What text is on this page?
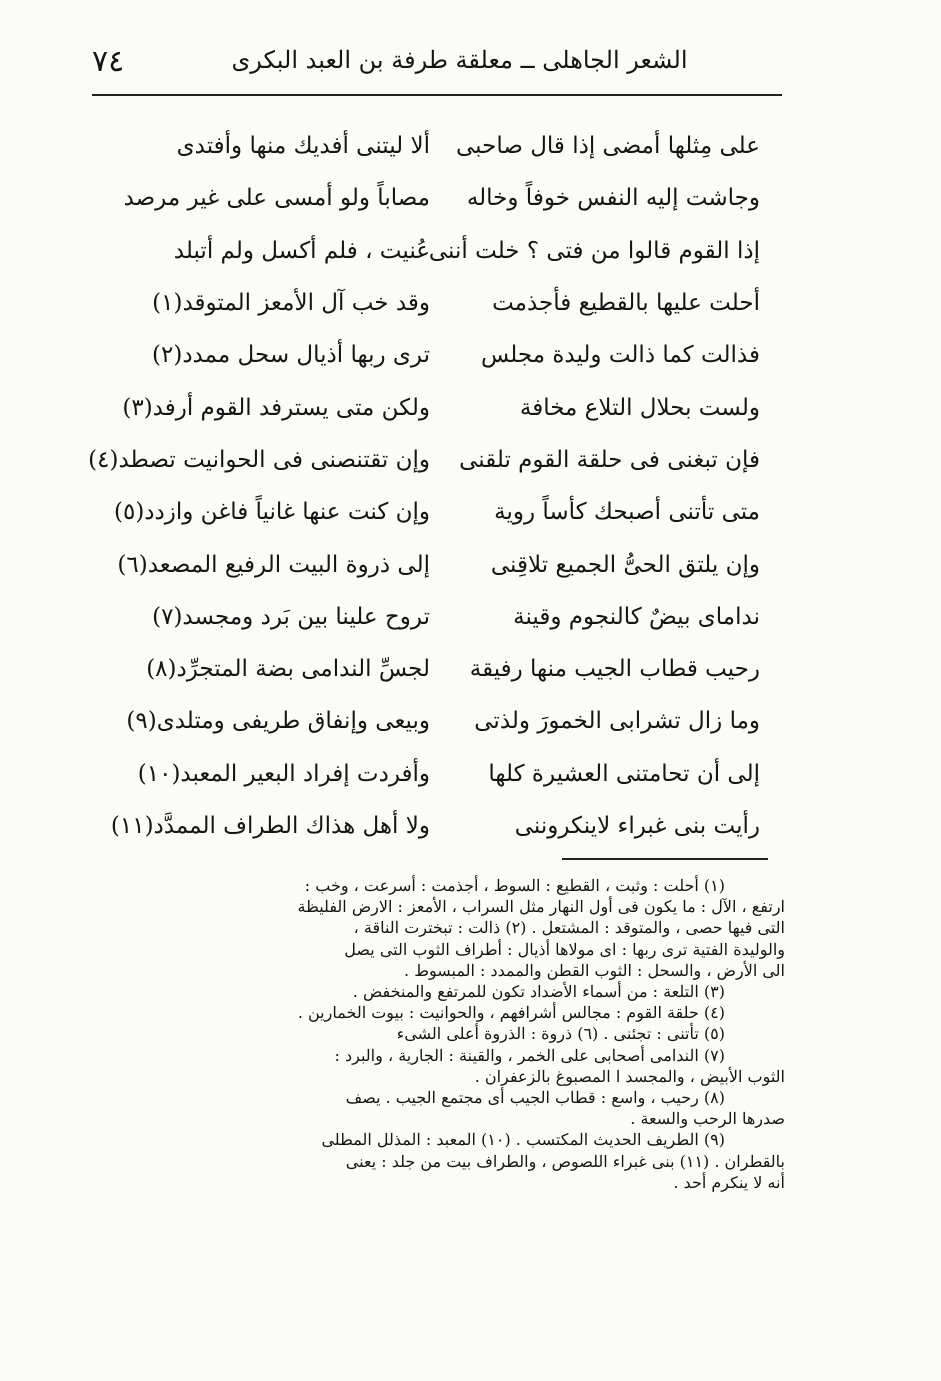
٧٤	الشعر الجاهلى ــ معلقة طرفة بن العبد البكرى
على مِثلها أمضى إذا قال صاحبى
ألا ليتنى أفديك منها وأفتدى
وجاشت إليه النفس خوفاً وخاله
مصاباً ولو أمسى على غير مرصد
إذا القوم قالوا من فتى ؟ خلت أننى
عُنيت ، فلم أكسل ولم أتبلد
أحلت عليها بالقطيع فأجذمت
وقد خب آل الأمعز المتوقد(١)
فذالت كما ذالت وليدة مجلس
ترى ربها أذيال سحل ممدد(٢)
ولست بحلال التلاع مخافة
ولكن متى يسترفد القوم أرفد(٣)
فإن تبغنى فى حلقة القوم تلقنى
وإن تقتنصنى فى الحوانيت تصطد(٤)
متى تأتنى أصبحك كأساً روية
وإن كنت عنها غانياً فاغن وازدد(٥)
وإن يلتق الحىُّ الجميع تلاقِنى
إلى ذروة البيت الرفيع المصعد(٦)
ندامای بيضٌ كالنجوم وقينة
تروح علينا بين بَرد ومجسد(٧)
رحيب قطاب الجيب منها رفيقة
لجسِّ الندامى بضة المتجرِّد(٨)
وما زال تشرابى الخمورَ ولذتى
وبيعى وإنفاق طريفى ومتلدى(٩)
إلى أن تحامتنى العشيرة كلها
وأفردت إفراد البعير المعبد(١٠)
رأيت بنى غبراء لاينكروننى
ولا أهل هذاك الطراف الممدَّد(١١)
(١) أحلت : وثبت ، القطيع : السوط ، أجذمت : أسرعت ، وخب :
ارتفع ، الآل : ما يكون فى أول النهار مثل السراب ، الأمعز : الارض الفليظة
التى فيها حصى ، والمتوقد : المشتعل . (٢) ذالت : تبخترت الناقة ،
والوليدة الفتية ترى ربها : اى مولاها أذيال : أطراف الثوب التى يصل
الى الأرض ، والسحل : الثوب القطن والممدد : المبسوط .
(٣) التلعة : من أسماء الأضداد تكون للمرتفع والمنخفض .
(٤) حلقة القوم : مجالس أشرافهم ، والحوانيت : بيوت الخمارين .
(٥) تأتنى : تجئنى . (٦) ذروة : الذروة أعلى الشىء
(٧) الندامى أصحابى على الخمر ، والقينة : الجارية ، والبرد :
الثوب الأبيض ، والمجسد ا المصبوغ بالزعفران .
(٨) رحيب ، واسع : قطاب الجيب أى مجتمع الجيب . يصف
صدرها الرحب والسعة .
(٩) الطريف الحديث المكتسب . (١٠) المعبد : المذلل المطلى
بالقطران . (١١) بنى غبراء اللصوص ، والطراف بيت من جلد : يعنى
أنه لا ينكرم أحد .
